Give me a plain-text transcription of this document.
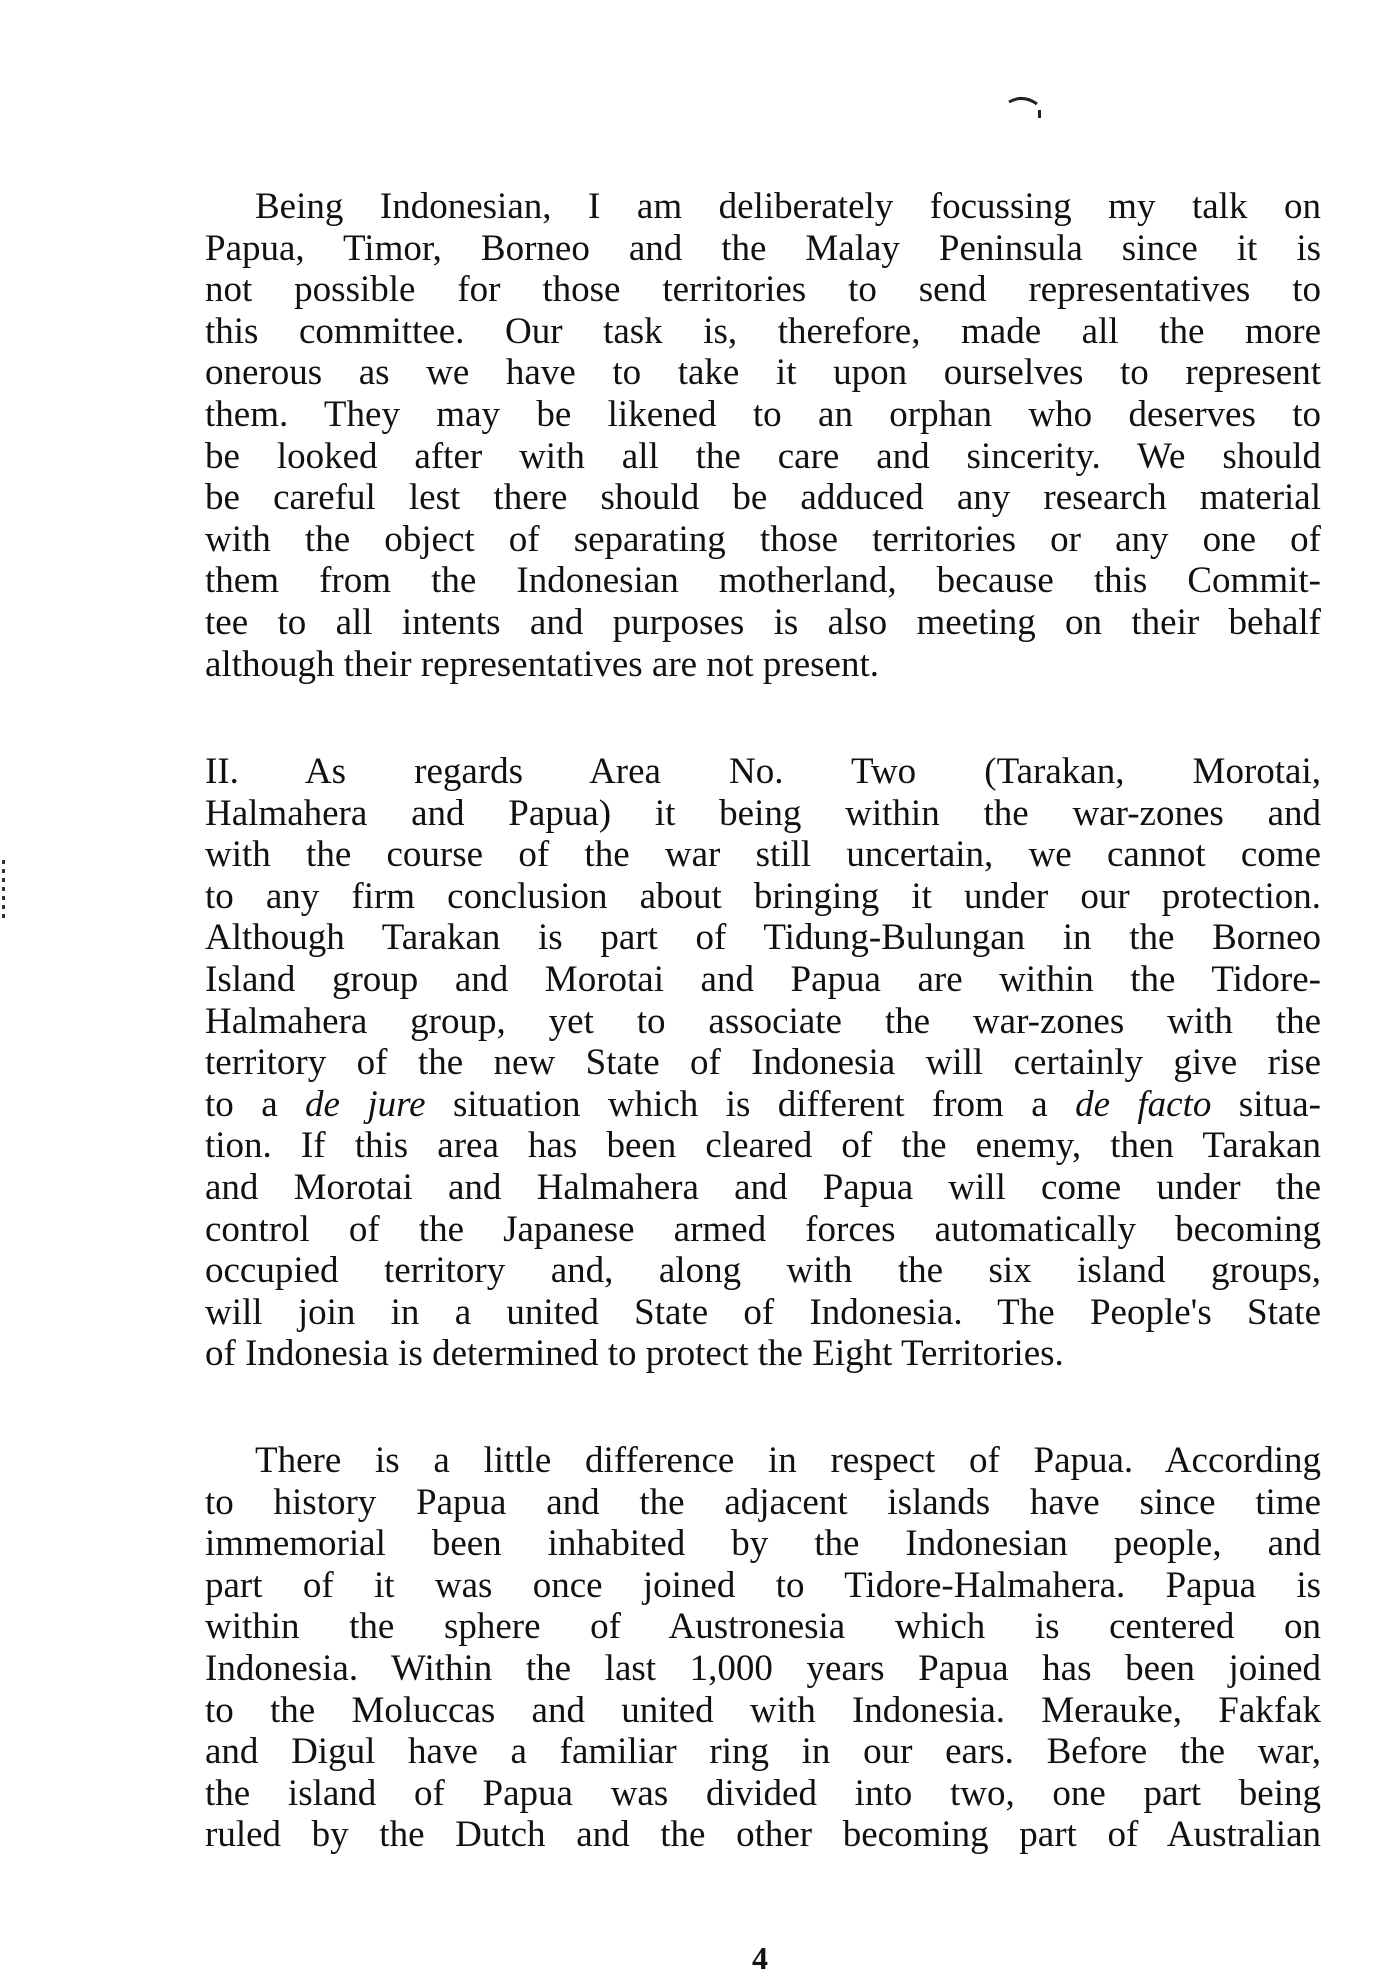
Being Indonesian, I am deliberately focussing my talk on
Papua, Timor, Borneo and the Malay Peninsula since it is
not possible for those territories to send representatives to
this committee. Our task is, therefore, made all the more
onerous as we have to take it upon ourselves to represent
them. They may be likened to an orphan who deserves to
be looked after with all the care and sincerity. We should
be careful lest there should be adduced any research material
with the object of separating those territories or any one of
them from the Indonesian motherland, because this Commit-
tee to all intents and purposes is also meeting on their behalf
although their representatives are not present.
II. As regards Area No. Two (Tarakan, Morotai,
Halmahera and Papua) it being within the war-zones and
with the course of the war still uncertain, we cannot come
to any firm conclusion about bringing it under our protection.
Although Tarakan is part of Tidung-Bulungan in the Borneo
Island group and Morotai and Papua are within the Tidore-
Halmahera group, yet to associate the war-zones with the
territory of the new State of Indonesia will certainly give rise
to a de jure situation which is different from a de facto situa-
tion. If this area has been cleared of the enemy, then Tarakan
and Morotai and Halmahera and Papua will come under the
control of the Japanese armed forces automatically becoming
occupied territory and, along with the six island groups,
will join in a united State of Indonesia. The People's State
of Indonesia is determined to protect the Eight Territories.
There is a little difference in respect of Papua. According
to history Papua and the adjacent islands have since time
immemorial been inhabited by the Indonesian people, and
part of it was once joined to Tidore-Halmahera. Papua is
within the sphere of Austronesia which is centered on
Indonesia. Within the last 1,000 years Papua has been joined
to the Moluccas and united with Indonesia. Merauke, Fakfak
and Digul have a familiar ring in our ears. Before the war,
the island of Papua was divided into two, one part being
ruled by the Dutch and the other becoming part of Australian
4
